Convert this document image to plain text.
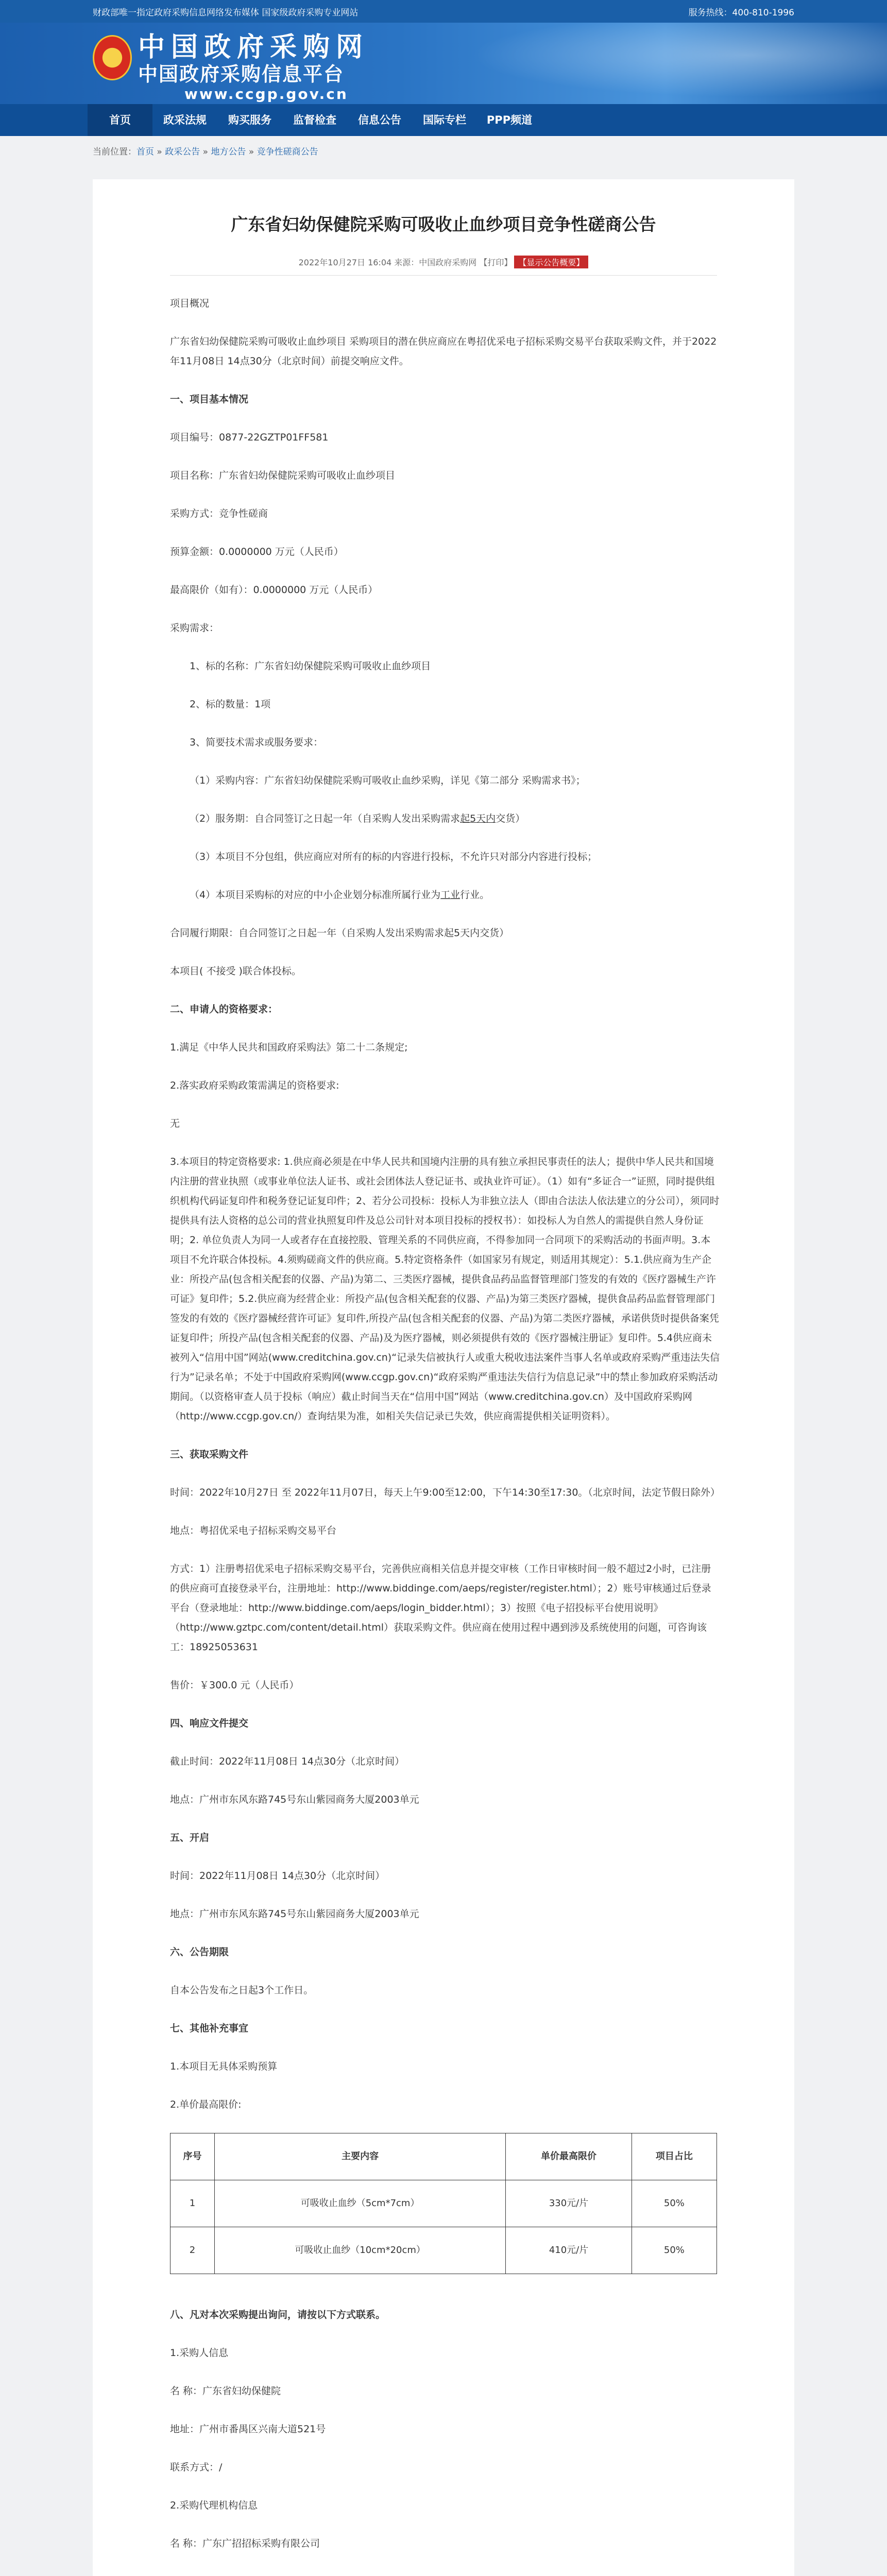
财政部唯一指定政府采购信息网络发布媒体 国家级政府采购专业网站	服务热线：400-810-1996
中国政府采购网
中国政府采购信息平台
www.ccgp.gov.cn
首页	政采法规	购买服务	监督检查	信息公告	国际专栏	PPP频道
当前位置：首页 » 政采公告 » 地方公告 » 竞争性磋商公告
广东省妇幼保健院采购可吸收止血纱项目竞争性磋商公告
2022年10月27日 16:04 来源：中国政府采购网 【打印】 【显示公告概要】

项目概况

广东省妇幼保健院采购可吸收止血纱项目 采购项目的潜在供应商应在粤招优采电子招标采购交易平台获取采购文件，并于2022年11月08日 14点30分（北京时间）前提交响应文件。

一、项目基本情况

项目编号：0877-22GZTP01FF581

项目名称：广东省妇幼保健院采购可吸收止血纱项目

采购方式：竞争性磋商

预算金额：0.0000000 万元（人民币）

最高限价（如有）：0.0000000 万元（人民币）

采购需求：

1、标的名称：广东省妇幼保健院采购可吸收止血纱项目

2、标的数量：1项

3、简要技术需求或服务要求：

（1）采购内容：广东省妇幼保健院采购可吸收止血纱采购，详见《第二部分 采购需求书》；

（2）服务期：自合同签订之日起一年（自采购人发出采购需求起5天内交货）

（3）本项目不分包组，供应商应对所有的标的内容进行投标，不允许只对部分内容进行投标；

（4）本项目采购标的对应的中小企业划分标准所属行业为工业行业。

合同履行期限：自合同签订之日起一年（自采购人发出采购需求起5天内交货）

本项目( 不接受 )联合体投标。

二、申请人的资格要求：

1.满足《中华人民共和国政府采购法》第二十二条规定;

2.落实政府采购政策需满足的资格要求:

无

3.本项目的特定资格要求: 1.供应商必须是在中华人民共和国境内注册的具有独立承担民事责任的法人；提供中华人民共和国境内注册的营业执照（或事业单位法人证书、或社会团体法人登记证书、或执业许可证）。（1）如有“多证合一”证照，同时提供组织机构代码证复印件和税务登记证复印件；2、若分公司投标：投标人为非独立法人（即由合法法人依法建立的分公司），须同时提供具有法人资格的总公司的营业执照复印件及总公司针对本项目投标的授权书）：如投标人为自然人的需提供自然人身份证明；2. 单位负责人为同一人或者存在直接控股、管理关系的不同供应商，不得参加同一合同项下的采购活动的书面声明。3.本项目不允许联合体投标。4.须购磋商文件的供应商。5.特定资格条件（如国家另有规定，则适用其规定）：5.1.供应商为生产企业：所投产品(包含相关配套的仪器、产品)为第二、三类医疗器械，提供食品药品监督管理部门签发的有效的《医疗器械生产许可证》复印件；5.2.供应商为经营企业：所投产品(包含相关配套的仪器、产品)为第三类医疗器械，提供食品药品监督管理部门签发的有效的《医疗器械经营许可证》复印件,所投产品(包含相关配套的仪器、产品)为第二类医疗器械，承诺供货时提供备案凭证复印件；所投产品(包含相关配套的仪器、产品)及为医疗器械，则必须提供有效的《医疗器械注册证》复印件。5.4供应商未被列入“信用中国”网站(www.creditchina.gov.cn)“记录失信被执行人或重大税收违法案件当事人名单或政府采购严重违法失信行为”记录名单；不处于中国政府采购网(www.ccgp.gov.cn)“政府采购严重违法失信行为信息记录”中的禁止参加政府采购活动期间。（以资格审查人员于投标（响应）截止时间当天在“信用中国”网站（www.creditchina.gov.cn）及中国政府采购网（http://www.ccgp.gov.cn/）查询结果为准，如相关失信记录已失效，供应商需提供相关证明资料）。

三、获取采购文件

时间：2022年10月27日 至 2022年11月07日，每天上午9:00至12:00，下午14:30至17:30。（北京时间，法定节假日除外）

地点：粤招优采电子招标采购交易平台

方式：1）注册粤招优采电子招标采购交易平台，完善供应商相关信息并提交审核（工作日审核时间一般不超过2小时，已注册的供应商可直接登录平台，注册地址：http://www.biddinge.com/aeps/register/register.html）；2）账号审核通过后登录平台（登录地址：http://www.biddinge.com/aeps/login_bidder.html）；3）按照《电子招投标平台使用说明》（http://www.gztpc.com/content/detail.html）获取采购文件。供应商在使用过程中遇到涉及系统使用的问题，可咨询该工：18925053631

售价：￥300.0 元（人民币）

四、响应文件提交

截止时间：2022年11月08日 14点30分（北京时间）

地点：广州市东风东路745号东山紫园商务大厦2003单元

五、开启

时间：2022年11月08日 14点30分（北京时间）

地点：广州市东风东路745号东山紫园商务大厦2003单元

六、公告期限

自本公告发布之日起3个工作日。

七、其他补充事宜

1.本项目无具体采购预算

2.单价最高限价:

序号	主要内容	单价最高限价	项目占比
1	可吸收止血纱（5cm*7cm）	330元/片	50%
2	可吸收止血纱（10cm*20cm）	410元/片	50%
八、凡对本次采购提出询问，请按以下方式联系。

1.采购人信息

名 称：广东省妇幼保健院

地址：广州市番禺区兴南大道521号

联系方式：/

2.采购代理机构信息

名 称：广东广招招标采购有限公司
